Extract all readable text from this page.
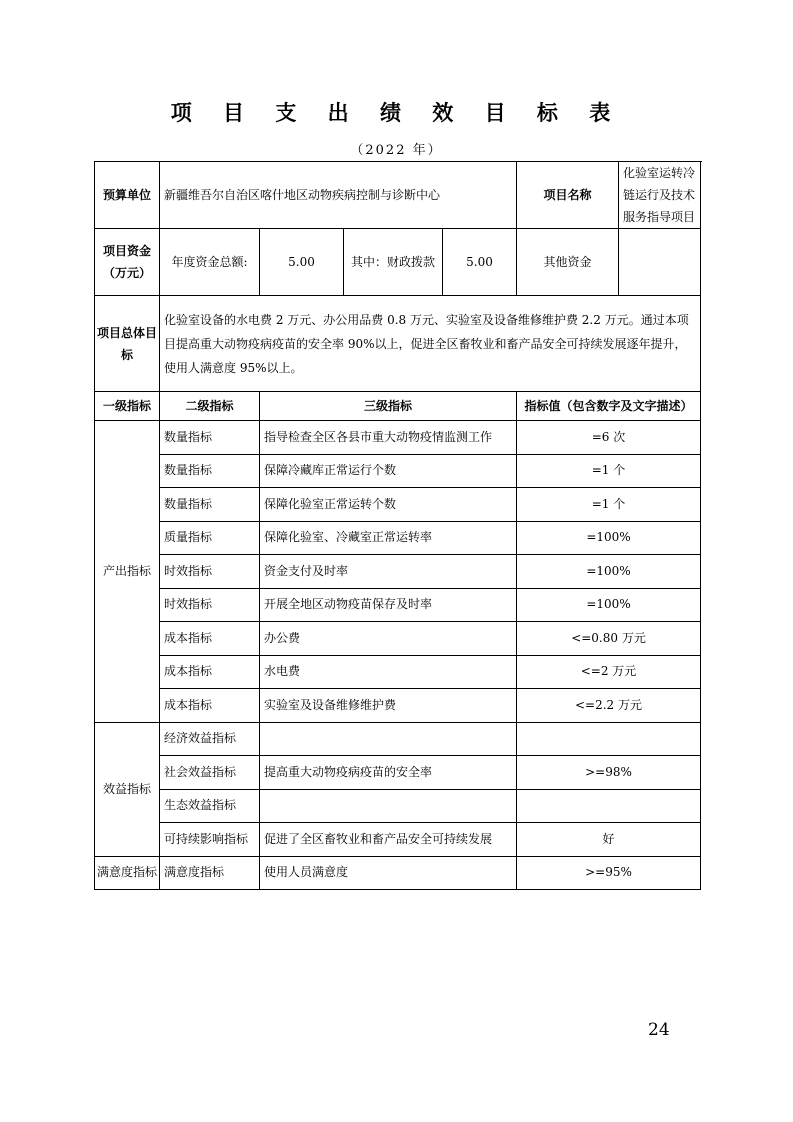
项 目 支 出 绩 效 目 标 表
（2022 年）
预算单位	新疆维吾尔自治区喀什地区动物疾病控制与诊断中心				项目名称	化验室运转冷链运行及技术服务指导项目
项目资金（万元）	年度资金总额:	5.00	其中：财政拨款	5.00	其他资金	
项目总体目标	化验室设备的水电费 2 万元、办公用品费 0.8 万元、实验室及设备维修维护费 2.2 万元。通过本项目提高重大动物疫病疫苗的安全率 90%以上，促进全区畜牧业和畜产品安全可持续发展逐年提升，使用人满意度 95%以上。					
一级指标	二级指标	三级指标			指标值（包含数字及文字描述）	
产出指标	数量指标	指导检查全区各县市重大动物疫情监测工作			=6 次	
	数量指标	保障冷藏库正常运行个数			=1 个	
	数量指标	保障化验室正常运转个数			=1 个	
	质量指标	保障化验室、冷藏室正常运转率			=100%	
	时效指标	资金支付及时率			=100%	
	时效指标	开展全地区动物疫苗保存及时率			=100%	
	成本指标	办公费			<=0.80 万元	
	成本指标	水电费			<=2 万元	
	成本指标	实验室及设备维修维护费			<=2.2 万元	
效益指标	经济效益指标					
	社会效益指标	提高重大动物疫病疫苗的安全率			>=98%	
	生态效益指标					
	可持续影响指标	促进了全区畜牧业和畜产品安全可持续发展			好	
满意度指标	满意度指标	使用人员满意度			>=95%	
24
